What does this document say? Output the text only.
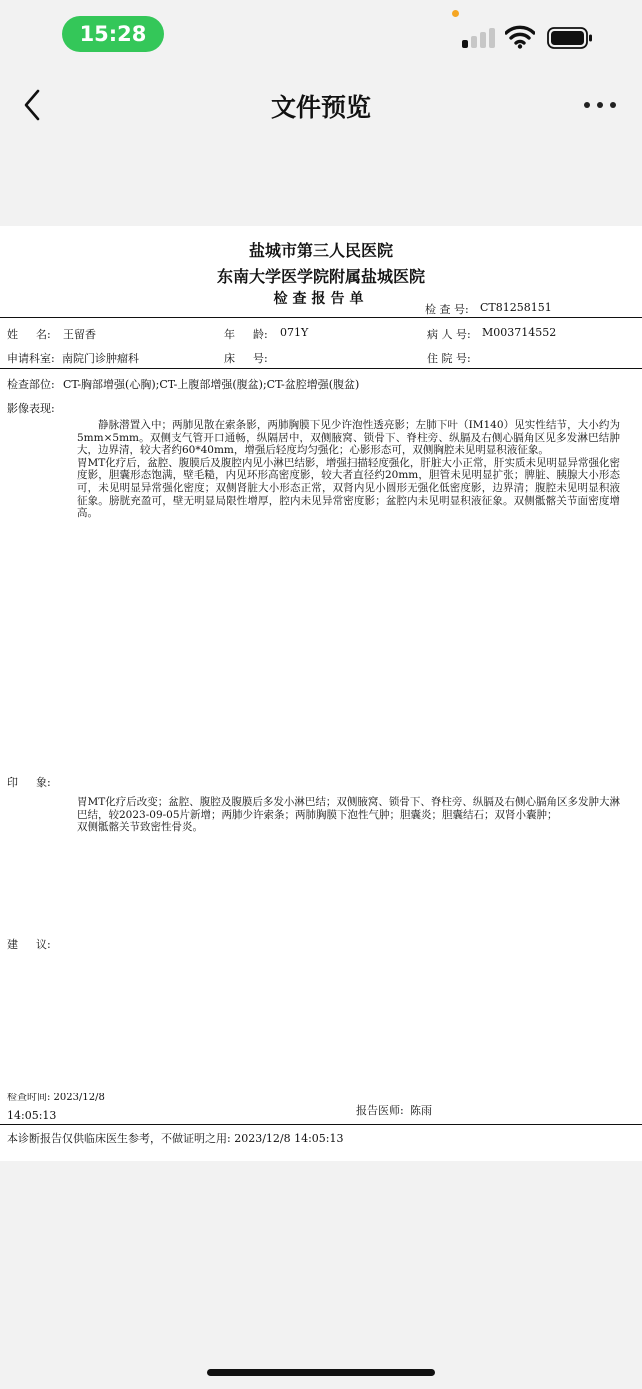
15:28
文件预览
盐城市第三人民医院
东南大学医学院附属盐城医院
检查报告单
检 查 号: CT81258151
姓 　 名: 王留香	年 　 龄: 071Y	病 人 号: M003714552
申请科室: 南院门诊肿瘤科	床 　 号:	住 院 号:
检查部位: CT-胸部增强(心胸);CT-上腹部增强(腹盆);CT-盆腔增强(腹盆)
影像表现:

静脉潜置入中；两肺见散在索条影，两肺胸膜下见少许泡性透亮影；左肺下叶（IM140）见实性结节，大小约为5mm×5mm。双侧支气管开口通畅，纵隔居中，双侧腋窝、锁骨下、脊柱旁、纵膈及右侧心膈角区见多发淋巴结肿大，边界清，较大者约60*40mm，增强后轻度均匀强化；心影形态可，双侧胸腔未见明显积液征象。

胃MT化疗后，盆腔、腹膜后及腹腔内见小淋巴结影，增强扫描轻度强化，肝脏大小正常，肝实质未见明显异常强化密度影，胆囊形态饱满，壁毛糙，内见环形高密度影，较大者直径约20mm，胆管未见明显扩张；脾脏、胰腺大小形态可，未见明显异常强化密度；双侧肾脏大小形态正常，双肾内见小圆形无强化低密度影，边界清；腹腔未见明显积液征象。膀胱充盈可，壁无明显局限性增厚，腔内未见异常密度影；盆腔内未见明显积液征象。双侧骶髂关节面密度增高。

印 　 象:

胃MT化疗后改变；盆腔、腹腔及腹膜后多发小淋巴结；双侧腋窝、锁骨下、脊柱旁、纵膈及右侧心膈角区多发肿大淋巴结，较2023-09-05片新增；两肺少许索条；两肺胸膜下泡性气肿；胆囊炎；胆囊结石；双肾小囊肿；

双侧骶髂关节致密性骨炎。

建 　 议:
检查时间: 2023/12/8
14:05:13	报告医师: 陈雨
本诊断报告仅供临床医生参考，不做证明之用: 2023/12/8 14:05:13
